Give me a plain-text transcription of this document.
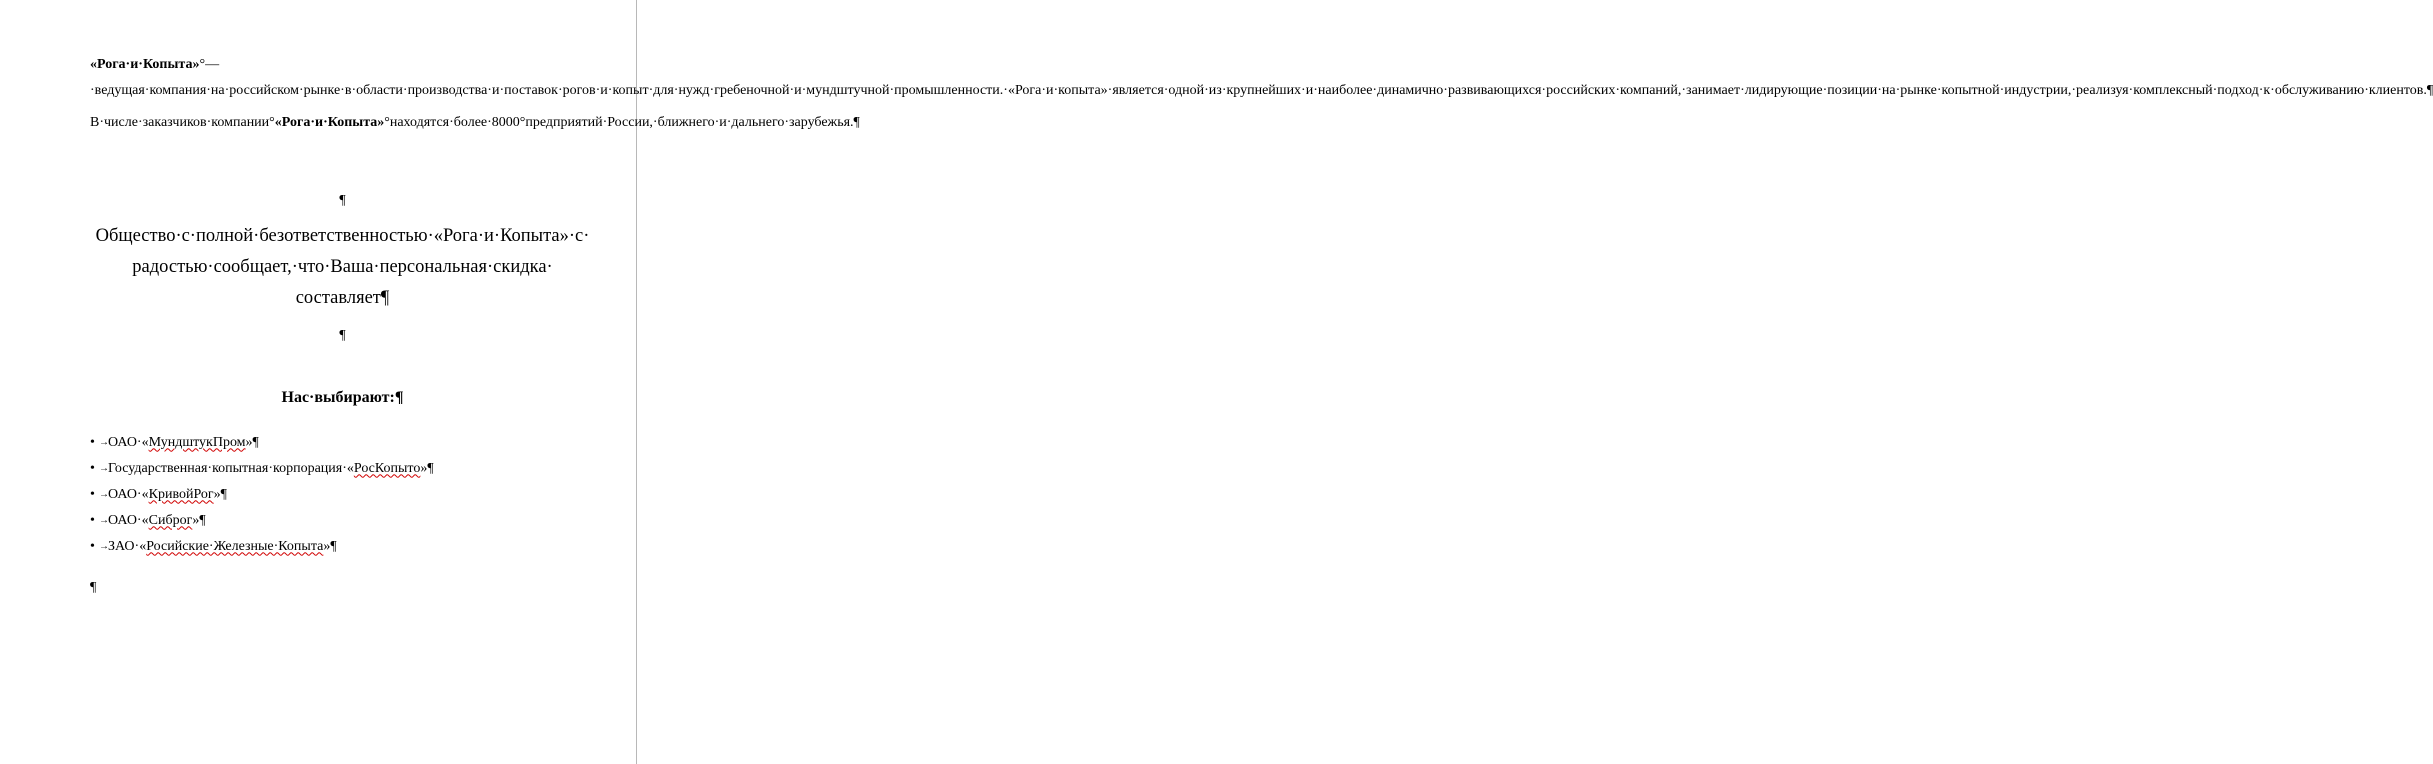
«Рога·и·Копыта»°—·ведущая·компания·на·российском·рынке·в·области·производства·и·поставок·рогов·и·копыт·для·нужд·гребеночной·и·мундштучной·промышленности.·«Рога·и·копыта»·является·одной·из·крупнейших·и·наиболее·динамично·развивающихся·российских·компаний,·занимает·лидирующие·позиции·на·рынке·копытной·индустрии,·реализуя·комплексный·подход·к·обслуживанию·клиентов.¶

В·числе·заказчиков·компании°«Рога·и·Копыта»°находятся·более·8000°предприятий·России,·ближнего·и·дальнего·зарубежья.¶

¶

Общество·с·полной·безответственностью·«Рога·и·Копыта»·с·
радостью·сообщает,·что·Ваша·персональная·скидка·
составляет¶

¶
Нас·выбирают:¶
• → ОАО·«МундштукПром»¶
• → Государственная·копытная·корпорация·«РосКопыто»¶
• → ОАО·«КривойРог»¶
• → ОАО·«Сиброг»¶
• → ЗАО·«Росийские·Железные·Копыта»¶
¶
